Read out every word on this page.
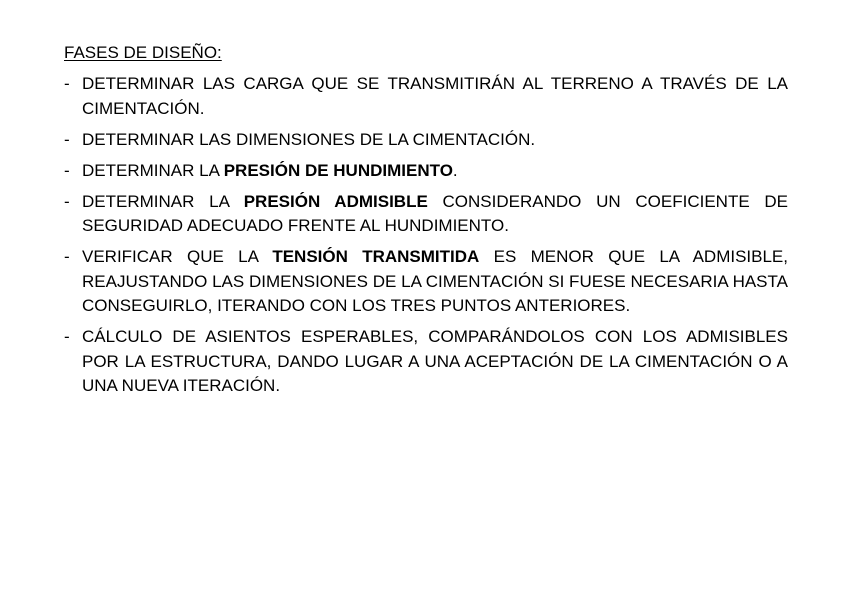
FASES DE DISEÑO:
- DETERMINAR LAS CARGA QUE SE TRANSMITIRÁN AL TERRENO A TRAVÉS DE LA CIMENTACIÓN.
- DETERMINAR LAS DIMENSIONES DE LA CIMENTACIÓN.
- DETERMINAR LA PRESIÓN DE HUNDIMIENTO.
- DETERMINAR LA PRESIÓN ADMISIBLE CONSIDERANDO UN COEFICIENTE DE SEGURIDAD ADECUADO FRENTE AL HUNDIMIENTO.
- VERIFICAR QUE LA TENSIÓN TRANSMITIDA ES MENOR QUE LA ADMISIBLE, REAJUSTANDO LAS DIMENSIONES DE LA CIMENTACIÓN SI FUESE NECESARIA HASTA CONSEGUIRLO, ITERANDO CON LOS TRES PUNTOS ANTERIORES.
- CÁLCULO DE ASIENTOS ESPERABLES, COMPARÁNDOLOS CON LOS ADMISIBLES POR LA ESTRUCTURA, DANDO LUGAR A UNA ACEPTACIÓN DE LA CIMENTACIÓN O A UNA NUEVA ITERACIÓN.
